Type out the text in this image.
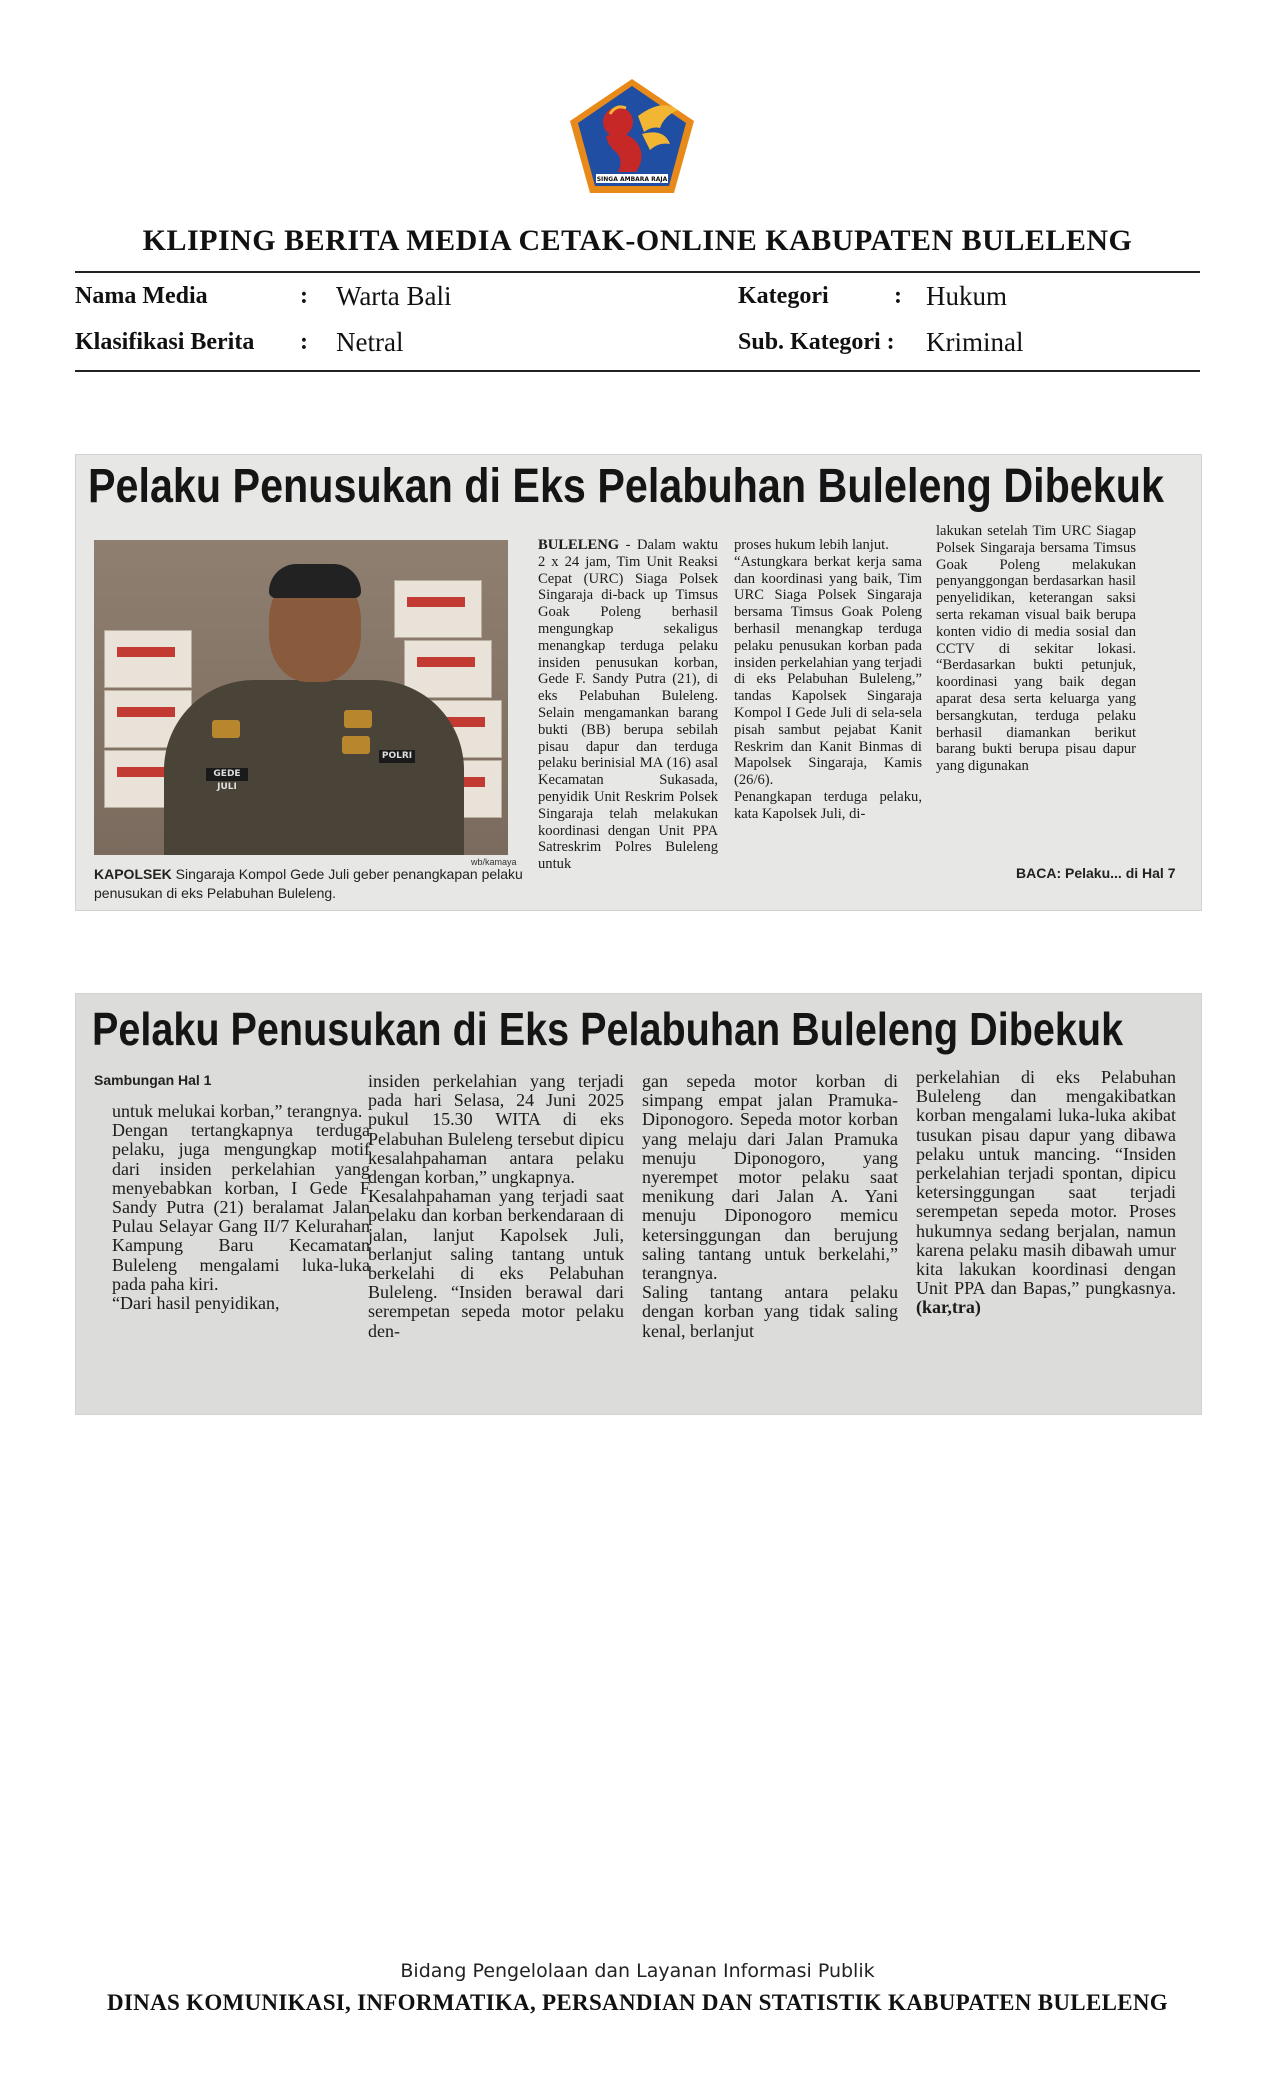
SINGA AMBARA RAJA
KLIPING BERITA MEDIA CETAK-ONLINE KABUPATEN BULELENG
Nama Media	: Warta Bali	Kategori	: Hukum
Klasifikasi Berita : Netral	Sub. Kategori : Kriminal
Pelaku Penusukan di Eks Pelabuhan Buleleng Dibekuk
GEDE JULI
POLRI
wb/kamaya
KAPOLSEK Singaraja Kompol Gede Juli geber penangkapan pelaku penusukan di eks Pelabuhan Buleleng.
BULELENG - Dalam waktu 2 x 24 jam, Tim Unit Reaksi Cepat (URC) Siaga Polsek Singaraja di-back up Timsus Goak Poleng berhasil mengungkap sekaligus menangkap terduga pelaku insiden penusukan korban, Gede F. Sandy Putra (21), di eks Pelabuhan Buleleng. Selain mengamankan barang bukti (BB) berupa sebilah pisau dapur dan terduga pelaku berinisial MA (16) asal Kecamatan Sukasada, penyidik Unit Reskrim Polsek Singaraja telah melakukan koordinasi dengan Unit PPA Satreskrim Polres Buleleng untuk
proses hukum lebih lanjut.
“Astungkara berkat kerja sama dan koordinasi yang baik, Tim URC Siaga Polsek Singaraja bersama Timsus Goak Poleng berhasil menangkap terduga pelaku penusukan korban pada insiden perkelahian yang terjadi di eks Pelabuhan Buleleng,” tandas Kapolsek Singaraja Kompol I Gede Juli di sela-sela pisah sambut pejabat Kanit Reskrim dan Kanit Binmas di Mapolsek Singaraja, Kamis (26/6).
Penangkapan terduga pelaku, kata Kapolsek Juli, di-
lakukan setelah Tim URC Siagap Polsek Singaraja bersama Timsus Goak Poleng melakukan penyanggongan berdasarkan hasil penyelidikan, keterangan saksi serta rekaman visual baik berupa konten vidio di media sosial dan CCTV di sekitar lokasi. “Berdasarkan bukti petunjuk, koordinasi yang baik degan aparat desa serta keluarga yang bersangkutan, terduga pelaku berhasil diamankan berikut barang bukti berupa pisau dapur yang digunakan
BACA: Pelaku... di Hal 7
Pelaku Penusukan di Eks Pelabuhan Buleleng Dibekuk
Sambungan Hal 1
untuk melukai korban,” terangnya.
Dengan tertangkapnya terduga pelaku, juga mengungkap motif dari insiden perkelahian yang menyebabkan korban, I Gede F Sandy Putra (21) beralamat Jalan Pulau Selayar Gang II/7 Kelurahan Kampung Baru Kecamatan Buleleng mengalami luka-luka pada paha kiri.
“Dari hasil penyidikan,
insiden perkelahian yang terjadi pada hari Selasa, 24 Juni 2025 pukul 15.30 WITA di eks Pelabuhan Buleleng tersebut dipicu kesalahpahaman antara pelaku dengan korban,” ungkapnya.
Kesalahpahaman yang terjadi saat pelaku dan korban berkendaraan di jalan, lanjut Kapolsek Juli, berlanjut saling tantang untuk berkelahi di eks Pelabuhan Buleleng. “Insiden berawal dari serempetan sepeda motor pelaku den-
gan sepeda motor korban di simpang empat jalan Pramuka-Diponogoro. Sepeda motor korban yang melaju dari Jalan Pramuka menuju Diponogoro, yang nyerempet motor pelaku saat menikung dari Jalan A. Yani menuju Diponogoro memicu ketersinggungan dan berujung saling tantang untuk berkelahi,” terangnya.
Saling tantang antara pelaku dengan korban yang tidak saling kenal, berlanjut
perkelahian di eks Pelabuhan Buleleng dan mengakibatkan korban mengalami luka-luka akibat tusukan pisau dapur yang dibawa pelaku untuk mancing. “Insiden perkelahian terjadi spontan, dipicu ketersinggungan saat terjadi serempetan sepeda motor. Proses hukumnya sedang berjalan, namun karena pelaku masih dibawah umur kita lakukan koordinasi dengan Unit PPA dan Bapas,” pungkasnya. (kar,tra)
Bidang Pengelolaan dan Layanan Informasi Publik
DINAS KOMUNIKASI, INFORMATIKA, PERSANDIAN DAN STATISTIK KABUPATEN BULELENG
